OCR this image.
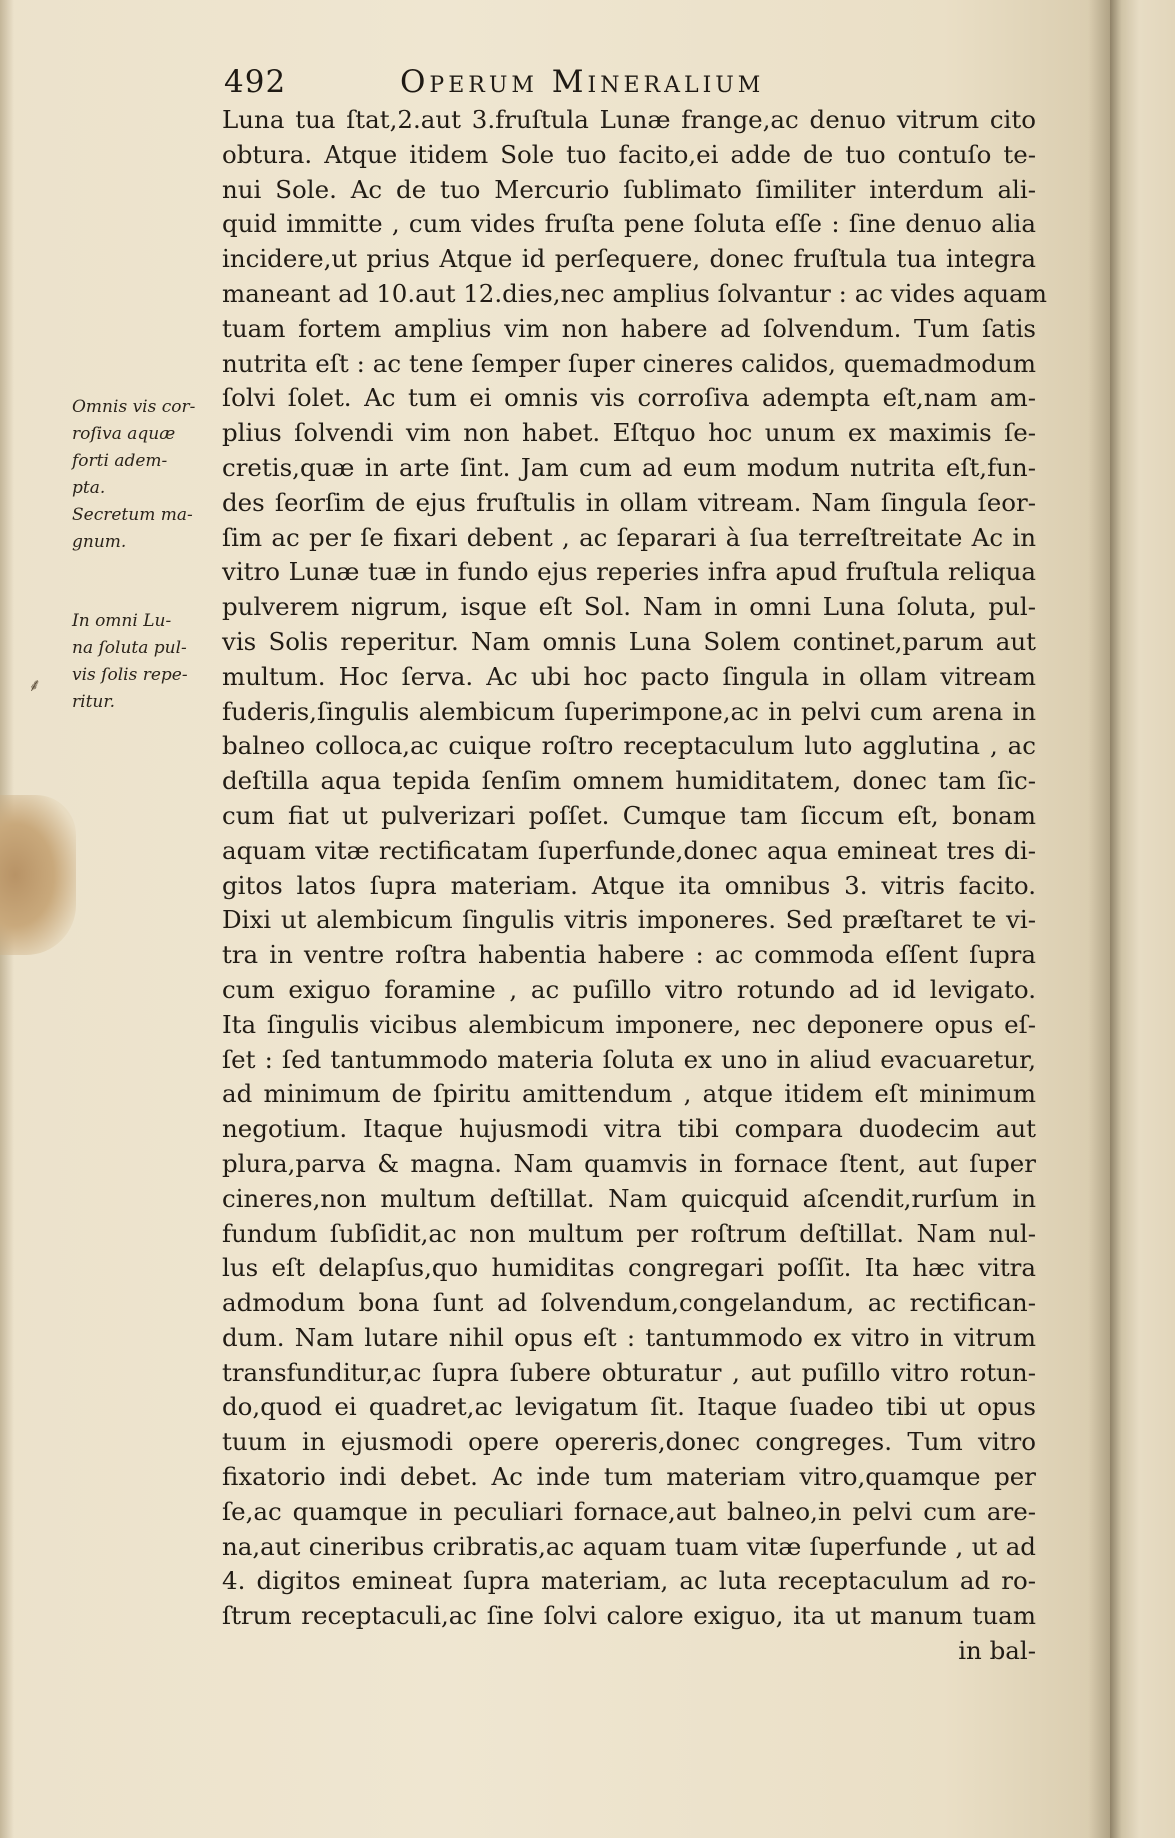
492	Operum Mineralium
Omnis vis cor-
roſiva aquæ
forti adem-
pta.
Secretum ma-
gnum.
⸙
In omni Lu-
na ſoluta pul-
vis ſolis repe-
ritur.
Luna tua ſtat,2.aut 3.fruſtula Lunæ frange,ac denuo vitrum cito
obtura. Atque itidem Sole tuo facito,ei adde de tuo contuſo te-
nui Sole. Ac de tuo Mercurio ſublimato ſimiliter interdum ali-
quid immitte , cum vides fruſta pene ſoluta eſſe : ſine denuo alia
incidere,ut prius Atque id perſequere, donec fruſtula tua integra
maneant ad 10.aut 12.dies,nec amplius ſolvantur : ac vides aquam
tuam fortem amplius vim non habere ad ſolvendum. Tum ſatis
nutrita eſt : ac tene ſemper ſuper cineres calidos, quemadmodum
ſolvi ſolet. Ac tum ei omnis vis corroſiva adempta eſt,nam am-
plius ſolvendi vim non habet. Eſtquo hoc unum ex maximis ſe-
cretis,quæ in arte ſint. Jam cum ad eum modum nutrita eſt,fun-
des ſeorſim de ejus fruſtulis in ollam vitream. Nam ſingula ſeor-
ſim ac per ſe fixari debent , ac ſeparari à ſua terreſtreitate Ac in
vitro Lunæ tuæ in fundo ejus reperies infra apud fruſtula reliqua
pulverem nigrum, isque eſt Sol. Nam in omni Luna ſoluta, pul-
vis Solis reperitur. Nam omnis Luna Solem continet,parum aut
multum. Hoc ſerva. Ac ubi hoc pacto ſingula in ollam vitream
fuderis,ſingulis alembicum ſuperimpone,ac in pelvi cum arena in
balneo colloca,ac cuique roſtro receptaculum luto agglutina , ac
deſtilla aqua tepida ſenſim omnem humiditatem, donec tam ſic-
cum fiat ut pulverizari poſſet. Cumque tam ſiccum eſt, bonam
aquam vitæ rectificatam ſuperfunde,donec aqua emineat tres di-
gitos latos ſupra materiam. Atque ita omnibus 3. vitris facito.
Dixi ut alembicum ſingulis vitris imponeres. Sed præſtaret te vi-
tra in ventre roſtra habentia habere : ac commoda eſſent ſupra
cum exiguo foramine , ac puſillo vitro rotundo ad id levigato.
Ita ſingulis vicibus alembicum imponere, nec deponere opus eſ-
ſet : ſed tantummodo materia ſoluta ex uno in aliud evacuaretur,
ad minimum de ſpiritu amittendum , atque itidem eſt minimum
negotium. Itaque hujusmodi vitra tibi compara duodecim aut
plura,parva & magna. Nam quamvis in fornace ſtent, aut ſuper
cineres,non multum deſtillat. Nam quicquid aſcendit,rurſum in
fundum ſubſidit,ac non multum per roſtrum deſtillat. Nam nul-
lus eſt delapſus,quo humiditas congregari poſſit. Ita hæc vitra
admodum bona ſunt ad ſolvendum,congelandum, ac rectifican-
dum. Nam lutare nihil opus eſt : tantummodo ex vitro in vitrum
transfunditur,ac ſupra ſubere obturatur , aut puſillo vitro rotun-
do,quod ei quadret,ac levigatum ſit. Itaque ſuadeo tibi ut opus
tuum in ejusmodi opere opereris,donec congreges. Tum vitro
fixatorio indi debet. Ac inde tum materiam vitro,quamque per
ſe,ac quamque in peculiari fornace,aut balneo,in pelvi cum are-
na,aut cineribus cribratis,ac aquam tuam vitæ ſuperfunde , ut ad
4. digitos emineat ſupra materiam, ac luta receptaculum ad ro-
ſtrum receptaculi,ac ſine ſolvi calore exiguo, ita ut manum tuam
in bal-
